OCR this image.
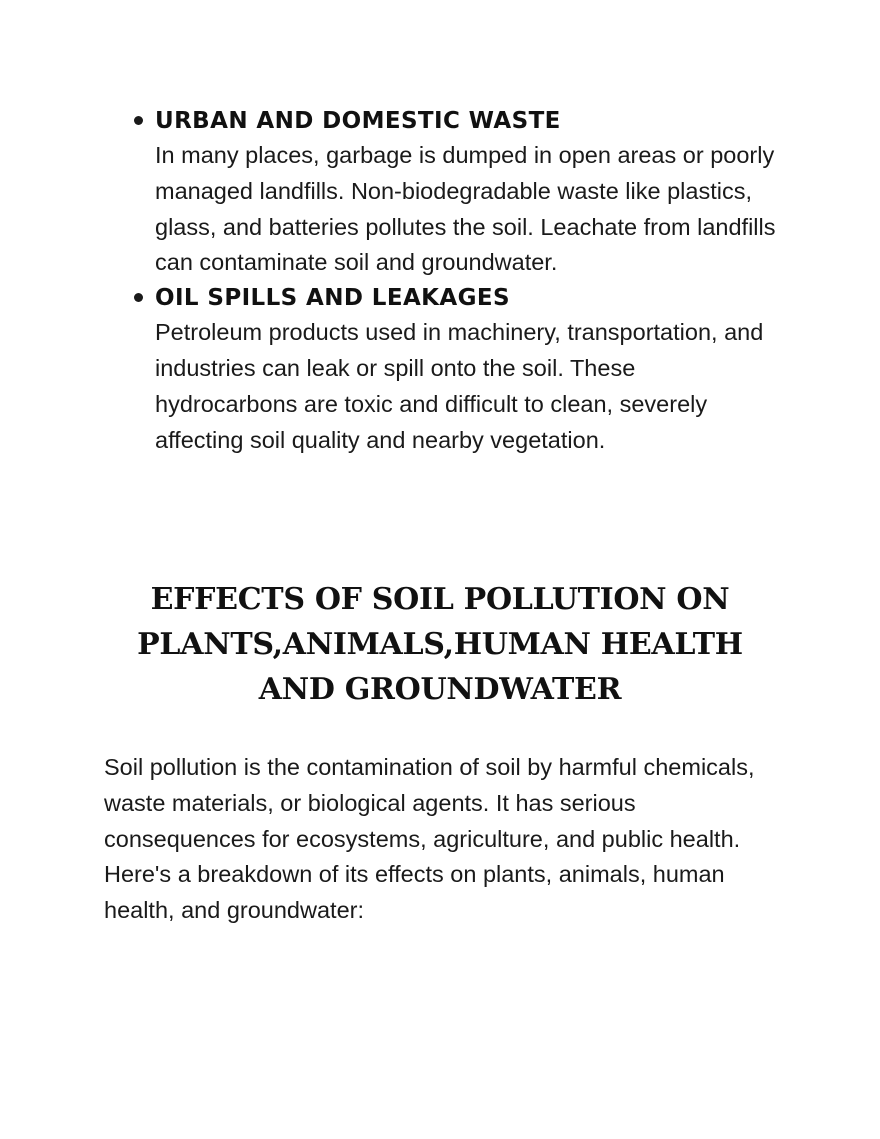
URBAN AND DOMESTIC WASTE
In many places, garbage is dumped in open areas or poorly managed landfills. Non-biodegradable waste like plastics, glass, and batteries pollutes the soil. Leachate from landfills can contaminate soil and groundwater.
OIL SPILLS AND LEAKAGES
Petroleum products used in machinery, transportation, and industries can leak or spill onto the soil. These hydrocarbons are toxic and difficult to clean, severely affecting soil quality and nearby vegetation.
EFFECTS OF SOIL POLLUTION ON PLANTS,ANIMALS,HUMAN HEALTH AND GROUNDWATER

Soil pollution is the contamination of soil by harmful chemicals, waste materials, or biological agents. It has serious consequences for ecosystems, agriculture, and public health. Here's a breakdown of its effects on plants, animals, human health, and groundwater:
